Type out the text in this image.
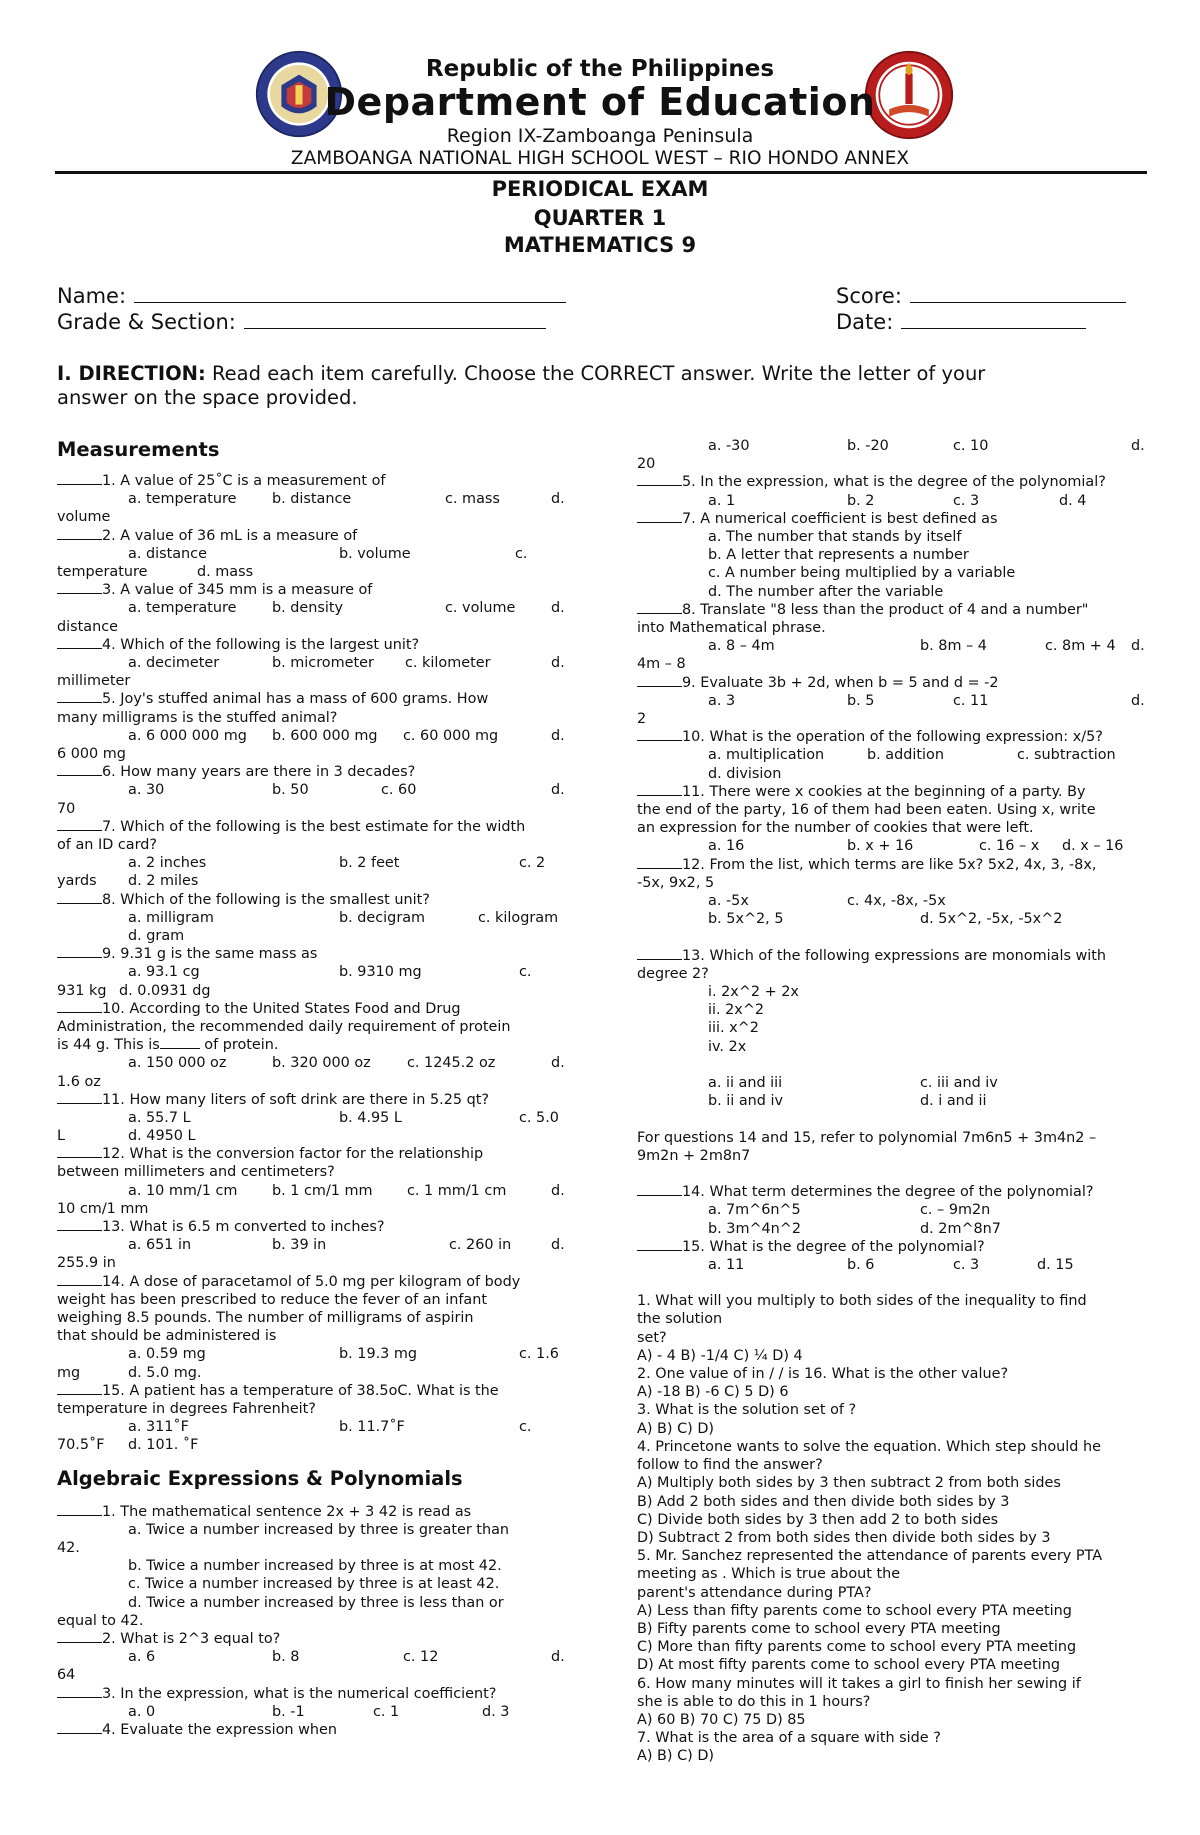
Republic of the Philippines
Department of Education
Region IX-Zamboanga Peninsula
ZAMBOANGA NATIONAL HIGH SCHOOL WEST – RIO HONDO ANNEX
PERIODICAL EXAM
QUARTER 1
MATHEMATICS 9
Name:
Grade & Section:
Score:
Date:
I. DIRECTION: Read each item carefully. Choose the CORRECT answer. Write the letter of your
answer on the space provided.
Measurements
1. A value of 25˚C is a measurement of
a. temperature b. distance	c. mass	d.
volume
2. A value of 36 mL is a measure of
a. distance	b. volume	c.
temperature	d. mass
3. A value of 345 mm is a measure of
a. temperature b. density	c. volume d.
distance
4. Which of the following is the largest unit?
a. decimeter	b. micrometer c. kilometer	d.
millimeter
5. Joy's stuffed animal has a mass of 600 grams. How
many milligrams is the stuffed animal?
a. 6 000 000 mg b. 600 000 mg c. 60 000 mg	d.
6 000 mg
6. How many years are there in 3 decades?
a. 30	b. 50	c. 60	d.
70
7. Which of the following is the best estimate for the width
of an ID card?
a. 2 inches	b. 2 feet	c. 2
yards d. 2 miles
8. Which of the following is the smallest unit?
a. milligram	b. decigram	c. kilogram
d. gram
9. 9.31 g is the same mass as
a. 93.1 cg	b. 9310 mg	c.
931 kg d. 0.0931 dg
10. According to the United States Food and Drug
Administration, the recommended daily requirement of protein
is 44 g. This is	of protein.
a. 150 000 oz	b. 320 000 oz	c. 1245.2 oz	d.
1.6 oz
11. How many liters of soft drink are there in 5.25 qt?
a. 55.7 L	b. 4.95 L	c. 5.0
L	d. 4950 L
12. What is the conversion factor for the relationship
between millimeters and centimeters?
a. 10 mm/1 cm b. 1 cm/1 mm c. 1 mm/1 cm	d.
10 cm/1 mm
13. What is 6.5 m converted to inches?
a. 651 in	b. 39 in	c. 260 in	d.
255.9 in
14. A dose of paracetamol of 5.0 mg per kilogram of body
weight has been prescribed to reduce the fever of an infant
weighing 8.5 pounds. The number of milligrams of aspirin
that should be administered is
a. 0.59 mg	b. 19.3 mg	c. 1.6
mg	d. 5.0 mg.
15. A patient has a temperature of 38.5oC. What is the
temperature in degrees Fahrenheit?
a. 311˚F	b. 11.7˚F	c.
70.5˚F d. 101. ˚F
Algebraic Expressions & Polynomials
1. The mathematical sentence 2x + 3 42 is read as
a. Twice a number increased by three is greater than
42.
b. Twice a number increased by three is at most 42.
c. Twice a number increased by three is at least 42.
d. Twice a number increased by three is less than or
equal to 42.
2. What is 2^3 equal to?
a. 6	b. 8	c. 12	d.
64
3. In the expression, what is the numerical coefficient?
a. 0	b. -1	c. 1	d. 3
4. Evaluate the expression when
a. -30	b. -20	c. 10	d.
20
5. In the expression, what is the degree of the polynomial?
a. 1	b. 2	c. 3	d. 4
7. A numerical coefficient is best defined as
a. The number that stands by itself
b. A letter that represents a number
c. A number being multiplied by a variable
d. The number after the variable
8. Translate "8 less than the product of 4 and a number"
into Mathematical phrase.
a. 8 – 4m	b. 8m – 4	c. 8m + 4 d.
4m – 8
9. Evaluate 3b + 2d, when b = 5 and d = -2
a. 3	b. 5	c. 11	d.
2
10. What is the operation of the following expression: x/5?
a. multiplication	b. addition	c. subtraction
d. division
11. There were x cookies at the beginning of a party. By
the end of the party, 16 of them had been eaten. Using x, write
an expression for the number of cookies that were left.
a. 16	b. x + 16	c. 16 – x d. x – 16
12. From the list, which terms are like 5x? 5x2, 4x, 3, -8x,
-5x, 9x2, 5
a. -5x	c. 4x, -8x, -5x
b. 5x^2, 5	d. 5x^2, -5x, -5x^2
13. Which of the following expressions are monomials with
degree 2?
i. 2x^2 + 2x
ii. 2x^2
iii. x^2
iv. 2x
a. ii and iii	c. iii and iv
b. ii and iv	d. i and ii
For questions 14 and 15, refer to polynomial 7m6n5 + 3m4n2 –
9m2n + 2m8n7
14. What term determines the degree of the polynomial?
a. 7m^6n^5	c. – 9m2n
b. 3m^4n^2	d. 2m^8n7
15. What is the degree of the polynomial?
a. 11	b. 6	c. 3	d. 15
1. What will you multiply to both sides of the inequality to find
the solution
set?
A) - 4 B) -1/4 C) ¼ D) 4
2. One value of in / / is 16. What is the other value?
A) -18 B) -6 C) 5 D) 6
3. What is the solution set of ?
A) B) C) D)
4. Princetone wants to solve the equation. Which step should he
follow to find the answer?
A) Multiply both sides by 3 then subtract 2 from both sides
B) Add 2 both sides and then divide both sides by 3
C) Divide both sides by 3 then add 2 to both sides
D) Subtract 2 from both sides then divide both sides by 3
5. Mr. Sanchez represented the attendance of parents every PTA
meeting as . Which is true about the
parent's attendance during PTA?
A) Less than fifty parents come to school every PTA meeting
B) Fifty parents come to school every PTA meeting
C) More than fifty parents come to school every PTA meeting
D) At most fifty parents come to school every PTA meeting
6. How many minutes will it takes a girl to finish her sewing if
she is able to do this in 1 hours?
A) 60 B) 70 C) 75 D) 85
7. What is the area of a square with side ?
A) B) C) D)
